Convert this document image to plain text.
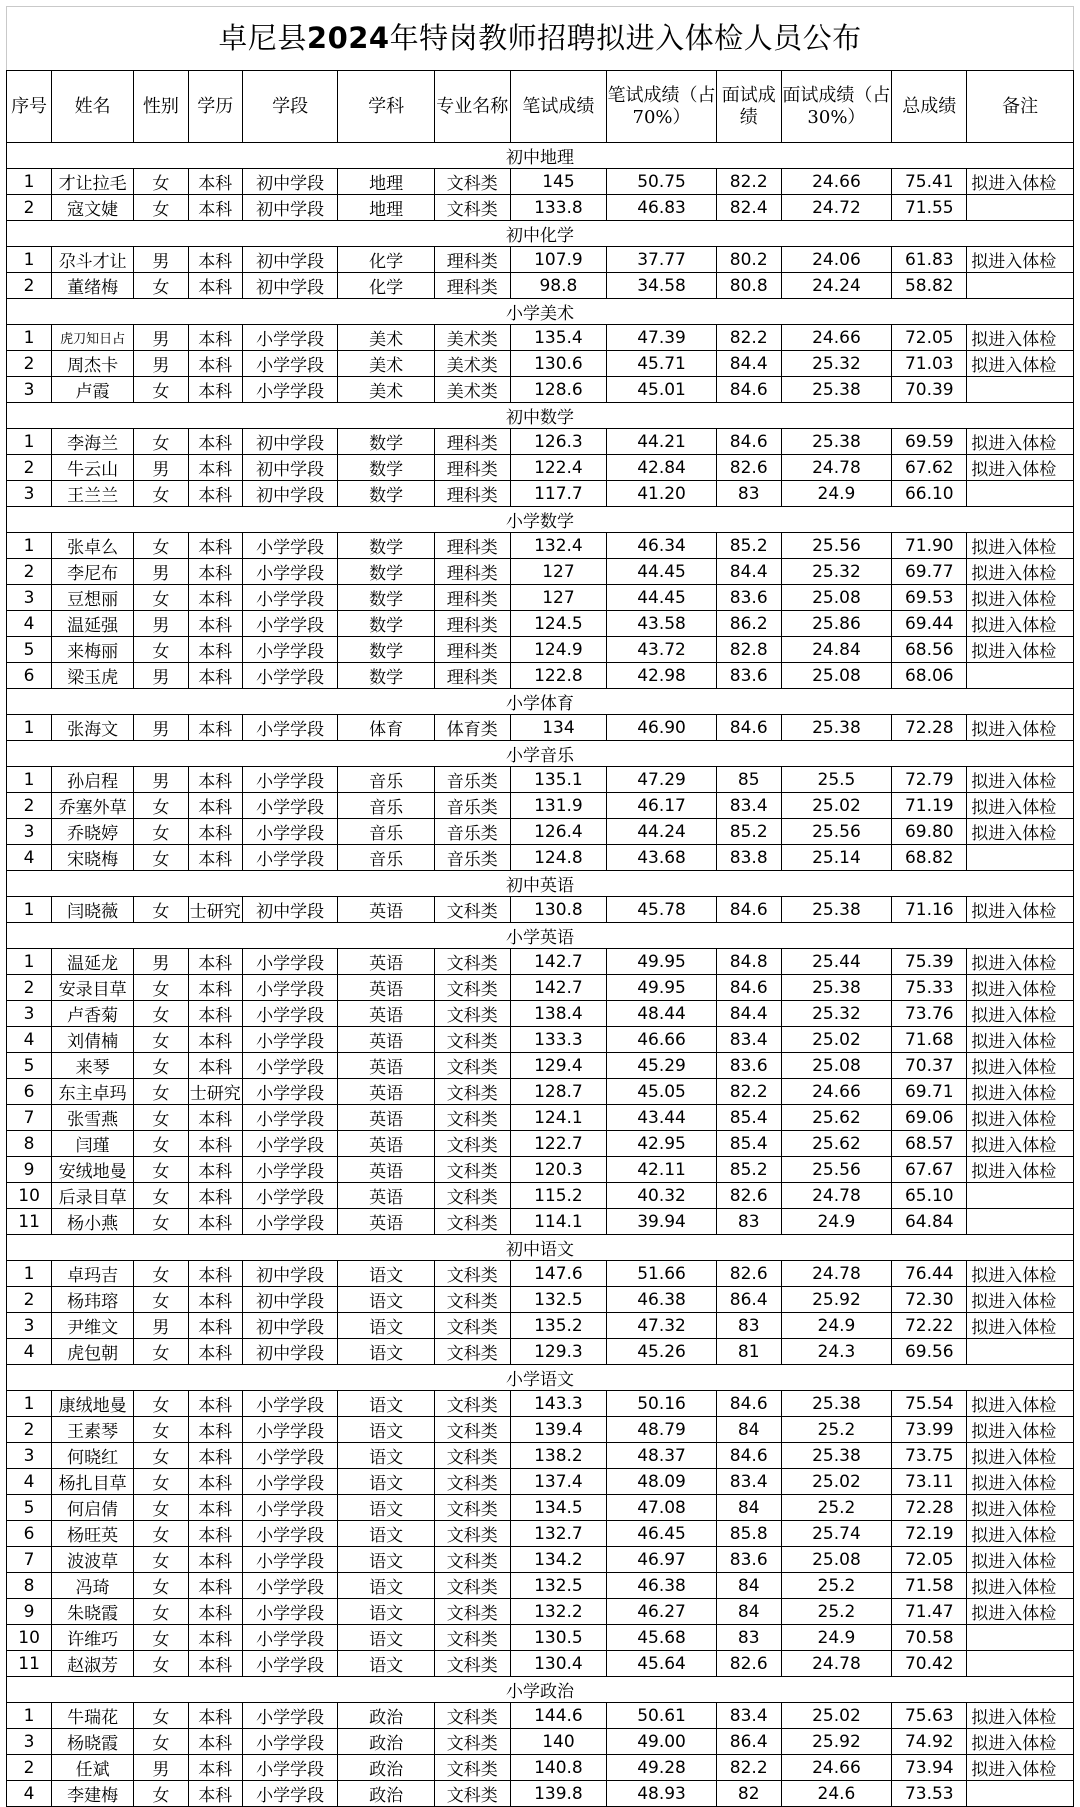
卓尼县2024年特岗教师招聘拟进入体检人员公布
序号	姓名	性别	学历	学段	学科	专业名称	笔试成绩	笔试成绩（占70%）	面试成绩	面试成绩（占30%）	总成绩	备注
初中地理												
1	才让拉毛	女	本科	初中学段	地理	文科类	145	50.75	82.2	24.66	75.41	拟进入体检
2	寇文婕	女	本科	初中学段	地理	文科类	133.8	46.83	82.4	24.72	71.55	
初中化学												
1	尕斗才让	男	本科	初中学段	化学	理科类	107.9	37.77	80.2	24.06	61.83	拟进入体检
2	董绪梅	女	本科	初中学段	化学	理科类	98.8	34.58	80.8	24.24	58.82	
小学美术												
1	虎刀知日占	男	本科	小学学段	美术	美术类	135.4	47.39	82.2	24.66	72.05	拟进入体检
2	周杰卡	男	本科	小学学段	美术	美术类	130.6	45.71	84.4	25.32	71.03	拟进入体检
3	卢霞	女	本科	小学学段	美术	美术类	128.6	45.01	84.6	25.38	70.39	
初中数学												
1	李海兰	女	本科	初中学段	数学	理科类	126.3	44.21	84.6	25.38	69.59	拟进入体检
2	牛云山	男	本科	初中学段	数学	理科类	122.4	42.84	82.6	24.78	67.62	拟进入体检
3	王兰兰	女	本科	初中学段	数学	理科类	117.7	41.20	83	24.9	66.10	
小学数学												
1	张卓么	女	本科	小学学段	数学	理科类	132.4	46.34	85.2	25.56	71.90	拟进入体检
2	李尼布	男	本科	小学学段	数学	理科类	127	44.45	84.4	25.32	69.77	拟进入体检
3	豆想丽	女	本科	小学学段	数学	理科类	127	44.45	83.6	25.08	69.53	拟进入体检
4	温延强	男	本科	小学学段	数学	理科类	124.5	43.58	86.2	25.86	69.44	拟进入体检
5	来梅丽	女	本科	小学学段	数学	理科类	124.9	43.72	82.8	24.84	68.56	拟进入体检
6	梁玉虎	男	本科	小学学段	数学	理科类	122.8	42.98	83.6	25.08	68.06	
小学体育												
1	张海文	男	本科	小学学段	体育	体育类	134	46.90	84.6	25.38	72.28	拟进入体检
小学音乐												
1	孙启程	男	本科	小学学段	音乐	音乐类	135.1	47.29	85	25.5	72.79	拟进入体检
2	乔塞外草	女	本科	小学学段	音乐	音乐类	131.9	46.17	83.4	25.02	71.19	拟进入体检
3	乔晓婷	女	本科	小学学段	音乐	音乐类	126.4	44.24	85.2	25.56	69.80	拟进入体检
4	宋晓梅	女	本科	小学学段	音乐	音乐类	124.8	43.68	83.8	25.14	68.82	
初中英语												
1	闫晓薇	女	士研究	初中学段	英语	文科类	130.8	45.78	84.6	25.38	71.16	拟进入体检
小学英语												
1	温延龙	男	本科	小学学段	英语	文科类	142.7	49.95	84.8	25.44	75.39	拟进入体检
2	安录目草	女	本科	小学学段	英语	文科类	142.7	49.95	84.6	25.38	75.33	拟进入体检
3	卢香菊	女	本科	小学学段	英语	文科类	138.4	48.44	84.4	25.32	73.76	拟进入体检
4	刘倩楠	女	本科	小学学段	英语	文科类	133.3	46.66	83.4	25.02	71.68	拟进入体检
5	来琴	女	本科	小学学段	英语	文科类	129.4	45.29	83.6	25.08	70.37	拟进入体检
6	东主卓玛	女	士研究	小学学段	英语	文科类	128.7	45.05	82.2	24.66	69.71	拟进入体检
7	张雪燕	女	本科	小学学段	英语	文科类	124.1	43.44	85.4	25.62	69.06	拟进入体检
8	闫瑾	女	本科	小学学段	英语	文科类	122.7	42.95	85.4	25.62	68.57	拟进入体检
9	安绒地曼	女	本科	小学学段	英语	文科类	120.3	42.11	85.2	25.56	67.67	拟进入体检
10	后录目草	女	本科	小学学段	英语	文科类	115.2	40.32	82.6	24.78	65.10	
11	杨小燕	女	本科	小学学段	英语	文科类	114.1	39.94	83	24.9	64.84	
初中语文												
1	卓玛吉	女	本科	初中学段	语文	文科类	147.6	51.66	82.6	24.78	76.44	拟进入体检
2	杨玮瑢	女	本科	初中学段	语文	文科类	132.5	46.38	86.4	25.92	72.30	拟进入体检
3	尹维文	男	本科	初中学段	语文	文科类	135.2	47.32	83	24.9	72.22	拟进入体检
4	虎包朝	女	本科	初中学段	语文	文科类	129.3	45.26	81	24.3	69.56	
小学语文												
1	康绒地曼	女	本科	小学学段	语文	文科类	143.3	50.16	84.6	25.38	75.54	拟进入体检
2	王素琴	女	本科	小学学段	语文	文科类	139.4	48.79	84	25.2	73.99	拟进入体检
3	何晓红	女	本科	小学学段	语文	文科类	138.2	48.37	84.6	25.38	73.75	拟进入体检
4	杨扎目草	女	本科	小学学段	语文	文科类	137.4	48.09	83.4	25.02	73.11	拟进入体检
5	何启倩	女	本科	小学学段	语文	文科类	134.5	47.08	84	25.2	72.28	拟进入体检
6	杨旺英	女	本科	小学学段	语文	文科类	132.7	46.45	85.8	25.74	72.19	拟进入体检
7	波波草	女	本科	小学学段	语文	文科类	134.2	46.97	83.6	25.08	72.05	拟进入体检
8	冯琦	女	本科	小学学段	语文	文科类	132.5	46.38	84	25.2	71.58	拟进入体检
9	朱晓霞	女	本科	小学学段	语文	文科类	132.2	46.27	84	25.2	71.47	拟进入体检
10	许维巧	女	本科	小学学段	语文	文科类	130.5	45.68	83	24.9	70.58	
11	赵淑芳	女	本科	小学学段	语文	文科类	130.4	45.64	82.6	24.78	70.42	
小学政治												
1	牛瑞花	女	本科	小学学段	政治	文科类	144.6	50.61	83.4	25.02	75.63	拟进入体检
3	杨晓霞	女	本科	小学学段	政治	文科类	140	49.00	86.4	25.92	74.92	拟进入体检
2	任斌	男	本科	小学学段	政治	文科类	140.8	49.28	82.2	24.66	73.94	拟进入体检
4	李建梅	女	本科	小学学段	政治	文科类	139.8	48.93	82	24.6	73.53	
